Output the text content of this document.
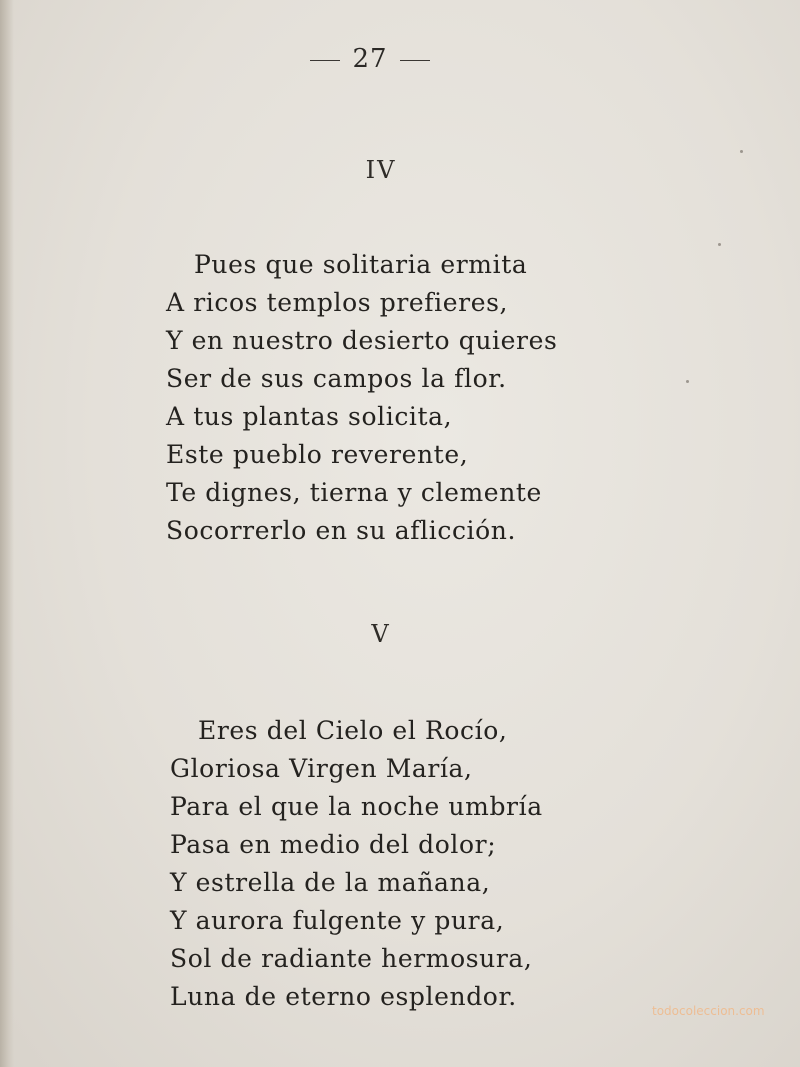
27
IV
Pues que solitaria ermita
A ricos templos prefieres,
Y en nuestro desierto quieres
Ser de sus campos la flor.
A tus plantas solicita,
Este pueblo reverente,
Te dignes, tierna y clemente
Socorrerlo en su aflicción.
V
Eres del Cielo el Rocío,
Gloriosa Virgen María,
Para el que la noche umbría
Pasa en medio del dolor;
Y estrella de la mañana,
Y aurora fulgente y pura,
Sol de radiante hermosura,
Luna de eterno esplendor.	todocoleccion.com
